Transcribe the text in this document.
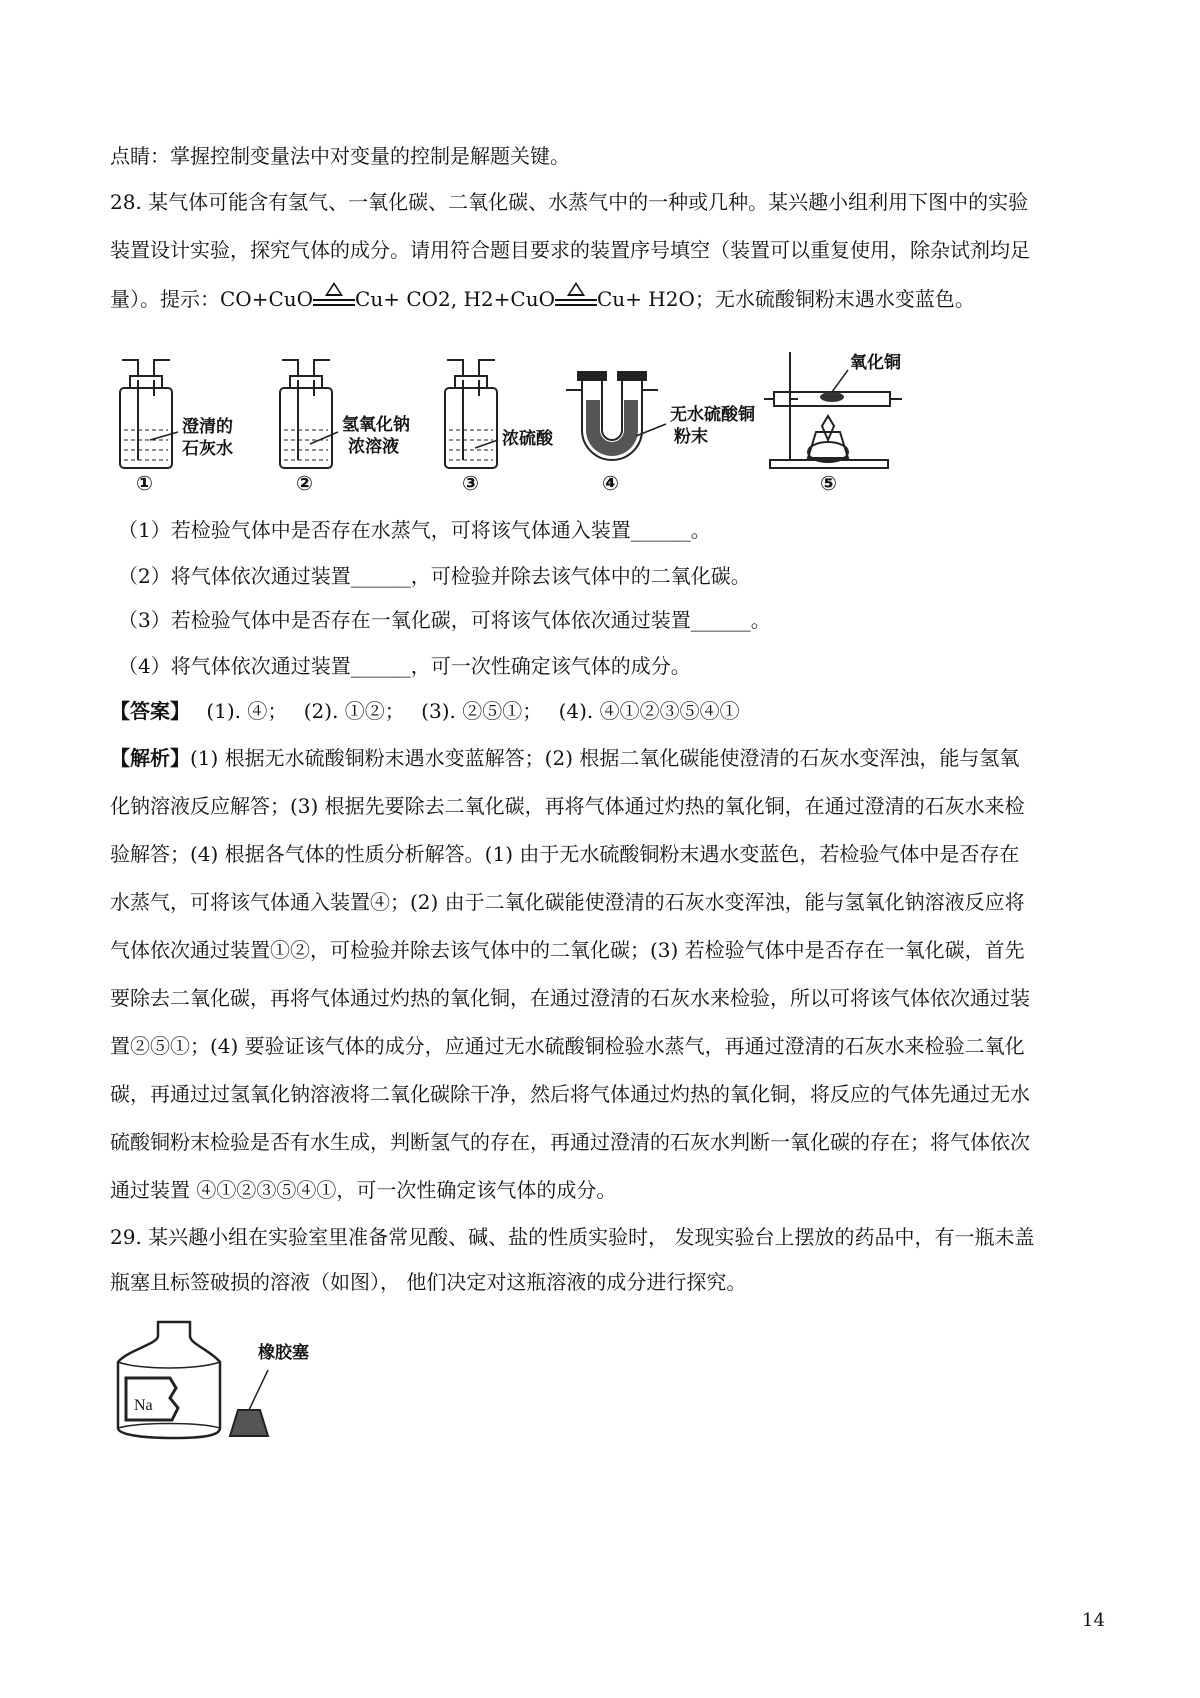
点睛：掌握控制变量法中对变量的控制是解题关键。
28. 某气体可能含有氢气、一氧化碳、二氧化碳、水蒸气中的一种或几种。某兴趣小组利用下图中的实验
装置设计实验，探究气体的成分。请用符合题目要求的装置序号填空（装置可以重复使用，除杂试剂均足
量）。提示：CO+CuO Cu+ CO2, H2+CuO Cu+ H2O；无水硫酸铜粉末遇水变蓝色。
澄清的
石灰水
①
氢氧化钠
浓溶液
②
浓硫酸
③
无水硫酸铜
粉末
④
氧化铜
⑤
（1）若检验气体中是否存在水蒸气，可将该气体通入装置______。
（2）将气体依次通过装置______，可检验并除去该气体中的二氧化碳。
（3）若检验气体中是否存在一氧化碳，可将该气体依次通过装置______。
（4）将气体依次通过装置______，可一次性确定该气体的成分。
【答案】　 (1). ④；　 (2). ①②；　 (3). ②⑤①；　 (4). ④①②③⑤④①
【解析】(1) 根据无水硫酸铜粉末遇水变蓝解答；(2) 根据二氧化碳能使澄清的石灰水变浑浊，能与氢氧
化钠溶液反应解答；(3) 根据先要除去二氧化碳，再将气体通过灼热的氧化铜，在通过澄清的石灰水来检
验解答；(4) 根据各气体的性质分析解答。(1) 由于无水硫酸铜粉末遇水变蓝色，若检验气体中是否存在
水蒸气，可将该气体通入装置④；(2) 由于二氧化碳能使澄清的石灰水变浑浊，能与氢氧化钠溶液反应将
气体依次通过装置①②，可检验并除去该气体中的二氧化碳；(3) 若检验气体中是否存在一氧化碳，首先
要除去二氧化碳，再将气体通过灼热的氧化铜，在通过澄清的石灰水来检验，所以可将该气体依次通过装
置②⑤①；(4) 要验证该气体的成分，应通过无水硫酸铜检验水蒸气，再通过澄清的石灰水来检验二氧化
碳，再通过过氢氧化钠溶液将二氧化碳除干净，然后将气体通过灼热的氧化铜，将反应的气体先通过无水
硫酸铜粉末检验是否有水生成，判断氢气的存在，再通过澄清的石灰水判断一氧化碳的存在；将气体依次
通过装置 ④①②③⑤④①，可一次性确定该气体的成分。
29. 某兴趣小组在实验室里准备常见酸、碱、盐的性质实验时， 发现实验台上摆放的药品中，有一瓶未盖
瓶塞且标签破损的溶液（如图）， 他们决定对这瓶溶液的成分进行探究。
Na
橡胶塞
14
